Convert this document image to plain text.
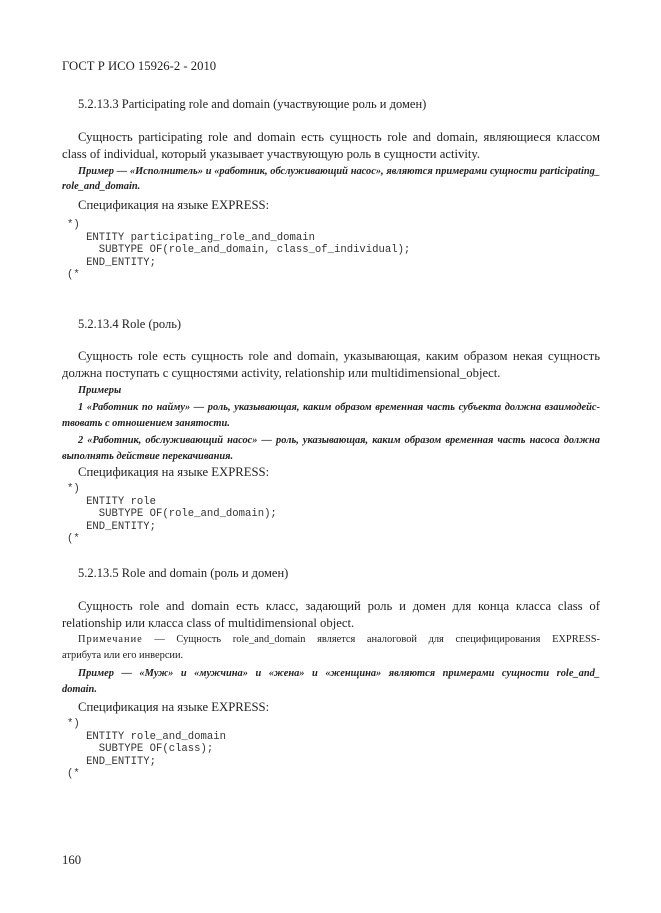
ГОСТ Р ИСО 15926-2 - 2010
5.2.13.3 Participating role and domain (участвующие роль и домен)
Сущность participating role and domain есть сущность role and domain, являющиеся классом
class of individual, который указывает участвующую роль в сущности activity.
Пример — «Исполнитель» и «работник, обслуживающий насос», являются примерами сущности participating_
role_and_domain.
Спецификация на языке EXPRESS:
*)
ENTITY participating_role_and_domain
SUBTYPE OF(role_and_domain, class_of_individual);
END_ENTITY;
(*
5.2.13.4 Role (роль)
Сущность role есть сущность role and domain, указывающая, каким образом некая сущность
должна поступать с сущностями activity, relationship или multidimensional_object.
Примеры
1 «Работник по найму» — роль, указывающая, каким образом временная часть субъекта должна взаимодейс-
твовать с отношением занятости.
2 «Работник, обслуживающий насос» — роль, указывающая, каким образом временная часть насоса должна
выполнять действие перекачивания.
Спецификация на языке EXPRESS:
*)
ENTITY role
SUBTYPE OF(role_and_domain);
END_ENTITY;
(*
5.2.13.5 Role and domain (роль и домен)
Сущность role and domain есть класс, задающий роль и домен для конца класса class of
relationship или класса class of multidimensional object.
Примечание — Сущность role_and_domain является аналоговой для специфицирования EXPRESS-
атрибута или его инверсии.
Пример — «Муж» и «мужчина» и «жена» и «женщина» являются примерами сущности role_and_
domain.
Спецификация на языке EXPRESS:
*)
ENTITY role_and_domain
SUBTYPE OF(class);
END_ENTITY;
(*
160
